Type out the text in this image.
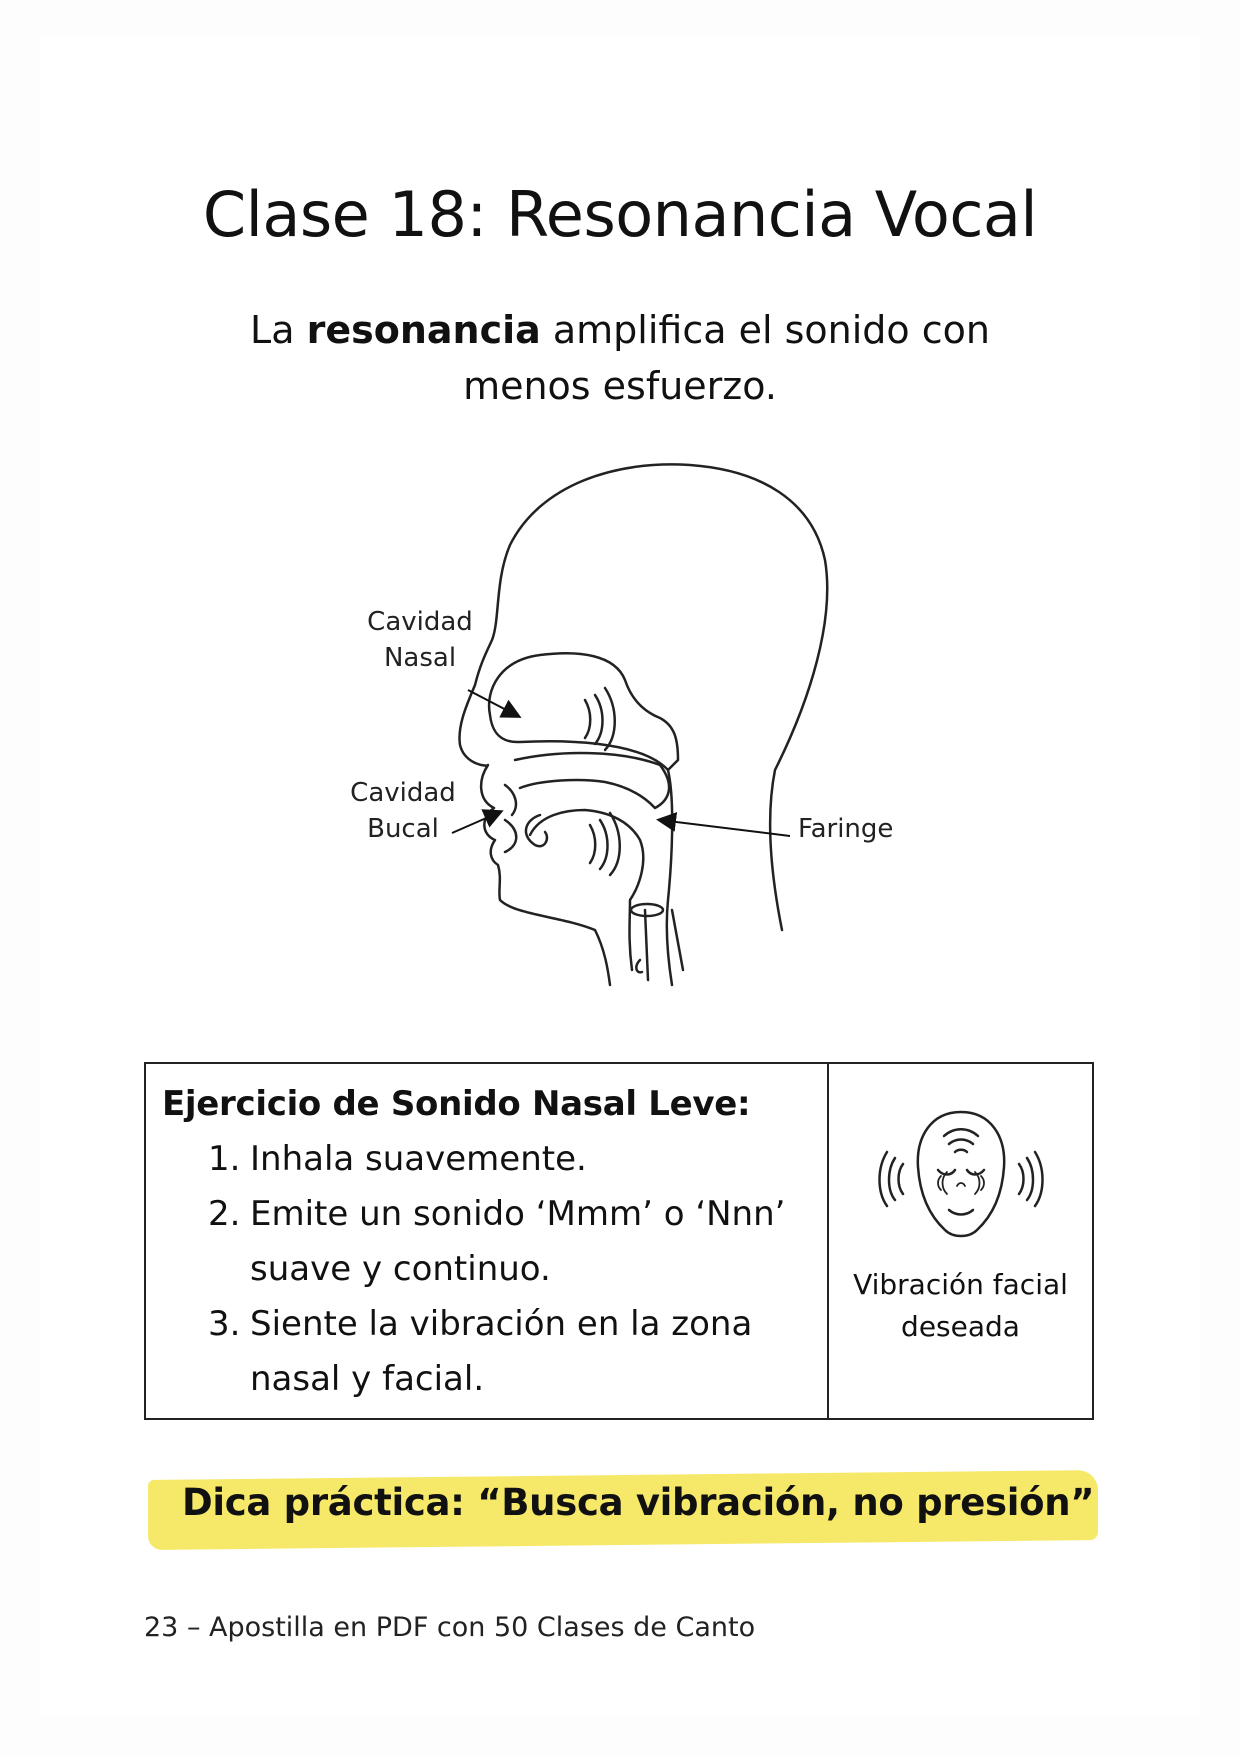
Clase 18: Resonancia Vocal
La resonancia amplifica el sonido con
menos esfuerzo.
Cavidad
Nasal
Cavidad
Bucal	Faringe

Ejercicio de Sonido Nasal Leve:

1. Inhala suavemente.
2. Emite un sonido ‘Mmm’ o ‘Nnn’ suave y continuo.
3. Siente la vibración en la zona nasal y facial.
Vibración facial deseada
Dica práctica: “Busca vibración, no presión”
23 – Apostilla en PDF con 50 Clases de Canto
